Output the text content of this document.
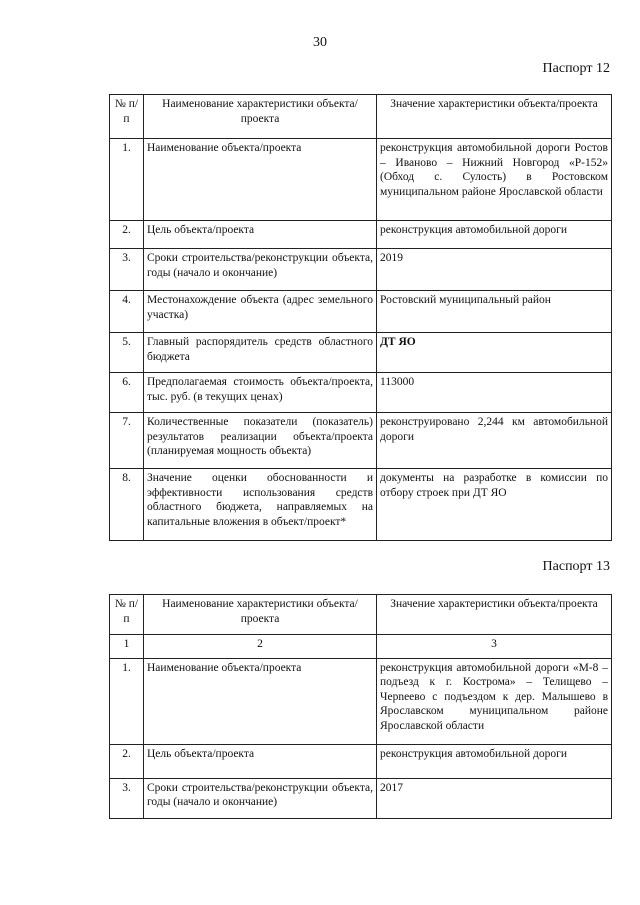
30
Паспорт 12
№ п/п	Наименование характеристики объекта/проекта	Значение характеристики объекта/проекта
1.	Наименование объекта/проекта	реконструкция автомобильной дороги Ростов – Иваново – Нижний Новгород «Р-152» (Обход с. Сулость) в Ростовском муниципальном районе Ярославской области
2.	Цель объекта/проекта	реконструкция автомобильной дороги
3.	Сроки строительства/реконструкции объекта, годы (начало и окончание)	2019
4.	Местонахождение объекта (адрес земельного участка)	Ростовский муниципальный район
5.	Главный распорядитель средств областного бюджета	ДТ ЯО
6.	Предполагаемая стоимость объекта/проекта, тыс. руб. (в текущих ценах)	113000
7.	Количественные показатели (показатель) результатов реализации объекта/проекта (планируемая мощность объекта)	реконструировано 2,244 км автомобильной дороги
8.	Значение оценки обоснованности и эффективности использования средств областного бюджета, направляемых на капитальные вложения в объект/проект*	документы на разработке в комиссии по отбору строек при ДТ ЯО
Паспорт 13
№ п/п	Наименование характеристики объекта/проекта	Значение характеристики объекта/проекта
1	2	3
1.	Наименование объекта/проекта	реконструкция автомобильной дороги «М-8 – подъезд к г. Кострома» – Телищево – Черneево с подъездом к дер. Малышево в Ярославском муниципальном районе Ярославской области
2.	Цель объекта/проекта	реконструкция автомобильной дороги
3.	Сроки строительства/реконструкции объекта, годы (начало и окончание)	2017
